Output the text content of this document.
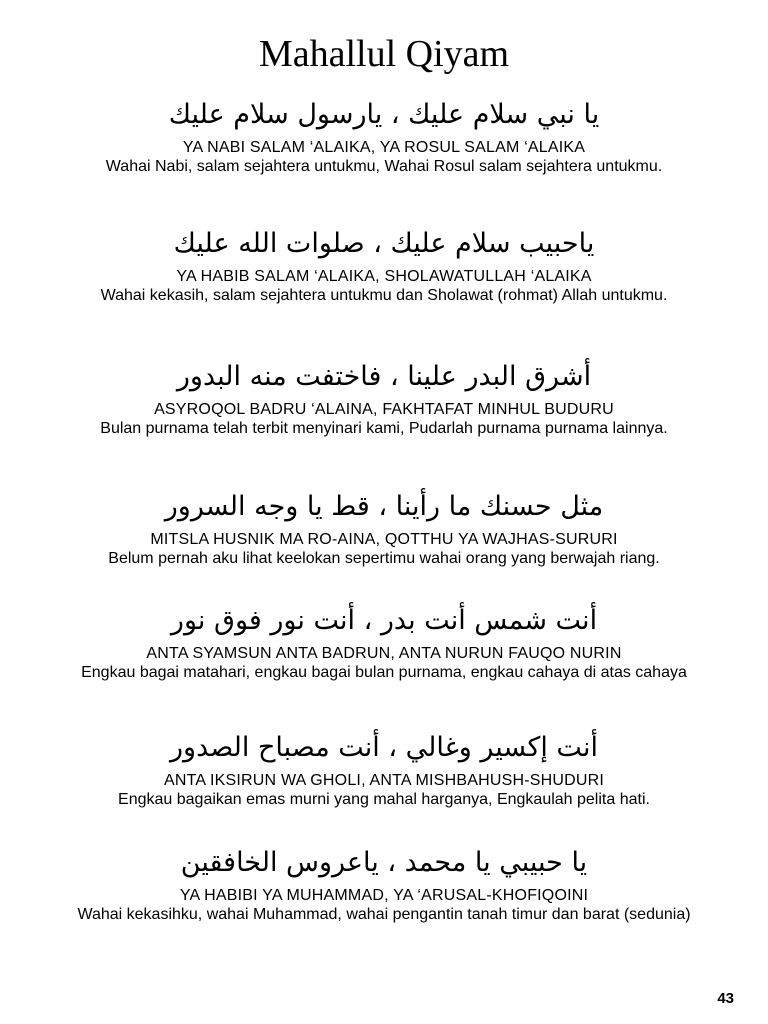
Mahallul Qiyam
يا نبي سلام عليك ، يارسول سلام عليك
YA NABI SALAM ‘ALAIKA, YA ROSUL SALAM ‘ALAIKA
Wahai Nabi, salam sejahtera untukmu, Wahai Rosul salam sejahtera untukmu.
ياحبيب سلام عليك ، صلوات الله عليك
YA HABIB SALAM ‘ALAIKA, SHOLAWATULLAH ‘ALAIKA
Wahai kekasih, salam sejahtera untukmu dan Sholawat (rohmat) Allah untukmu.
أشرق البدر علينا ، فاختفت منه البدور
ASYROQOL BADRU ‘ALAINA, FAKHTAFAT MINHUL BUDURU
Bulan purnama telah terbit menyinari kami, Pudarlah purnama purnama lainnya.
مثل حسنك ما رأينا ، قط يا وجه السرور
MITSLA HUSNIK MA RO-AINA, QOTTHU YA WAJHAS-SURURI
Belum pernah aku lihat keelokan sepertimu wahai orang yang berwajah riang.
أنت شمس أنت بدر ، أنت نور فوق نور
ANTA SYAMSUN ANTA BADRUN, ANTA NURUN FAUQO NURIN
Engkau bagai matahari, engkau bagai bulan purnama, engkau cahaya di atas cahaya
أنت إكسير وغالي ، أنت مصباح الصدور
ANTA IKSIRUN WA GHOLI, ANTA MISHBAHUSH-SHUDURI
Engkau bagaikan emas murni yang mahal harganya, Engkaulah pelita hati.
يا حبيبي يا محمد ، ياعروس الخافقين
YA HABIBI YA MUHAMMAD, YA ‘ARUSAL-KHOFIQOINI
Wahai kekasihku, wahai Muhammad, wahai pengantin tanah timur dan barat (sedunia)
43
